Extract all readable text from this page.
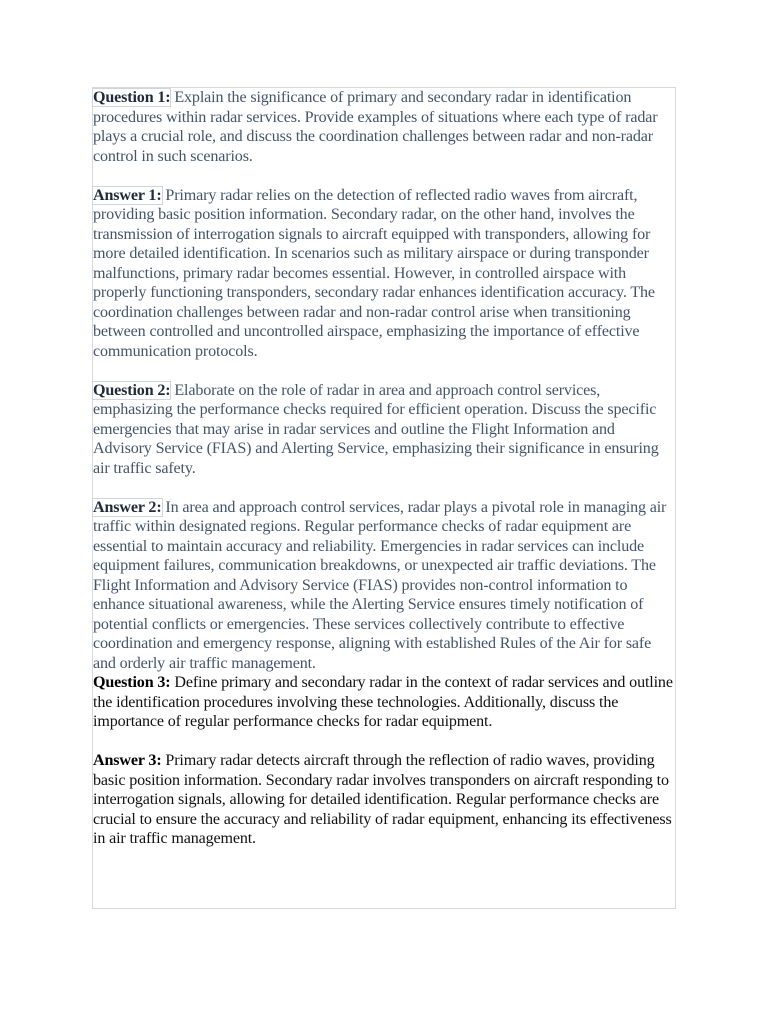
Question 1: Explain the significance of primary and secondary radar in identification procedures within radar services. Provide examples of situations where each type of radar plays a crucial role, and discuss the coordination challenges between radar and non-radar control in such scenarios.

Answer 1: Primary radar relies on the detection of reflected radio waves from aircraft, providing basic position information. Secondary radar, on the other hand, involves the transmission of interrogation signals to aircraft equipped with transponders, allowing for more detailed identification. In scenarios such as military airspace or during transponder malfunctions, primary radar becomes essential. However, in controlled airspace with properly functioning transponders, secondary radar enhances identification accuracy. The coordination challenges between radar and non-radar control arise when transitioning between controlled and uncontrolled airspace, emphasizing the importance of effective communication protocols.

Question 2: Elaborate on the role of radar in area and approach control services, emphasizing the performance checks required for efficient operation. Discuss the specific emergencies that may arise in radar services and outline the Flight Information and Advisory Service (FIAS) and Alerting Service, emphasizing their significance in ensuring air traffic safety.

Answer 2: In area and approach control services, radar plays a pivotal role in managing air traffic within designated regions. Regular performance checks of radar equipment are essential to maintain accuracy and reliability. Emergencies in radar services can include equipment failures, communication breakdowns, or unexpected air traffic deviations. The Flight Information and Advisory Service (FIAS) provides non-control information to enhance situational awareness, while the Alerting Service ensures timely notification of potential conflicts or emergencies. These services collectively contribute to effective coordination and emergency response, aligning with established Rules of the Air for safe and orderly air traffic management.

Question 3: Define primary and secondary radar in the context of radar services and outline the identification procedures involving these technologies. Additionally, discuss the importance of regular performance checks for radar equipment.

Answer 3: Primary radar detects aircraft through the reflection of radio waves, providing basic position information. Secondary radar involves transponders on aircraft responding to interrogation signals, allowing for detailed identification. Regular performance checks are crucial to ensure the accuracy and reliability of radar equipment, enhancing its effectiveness in air traffic management.
